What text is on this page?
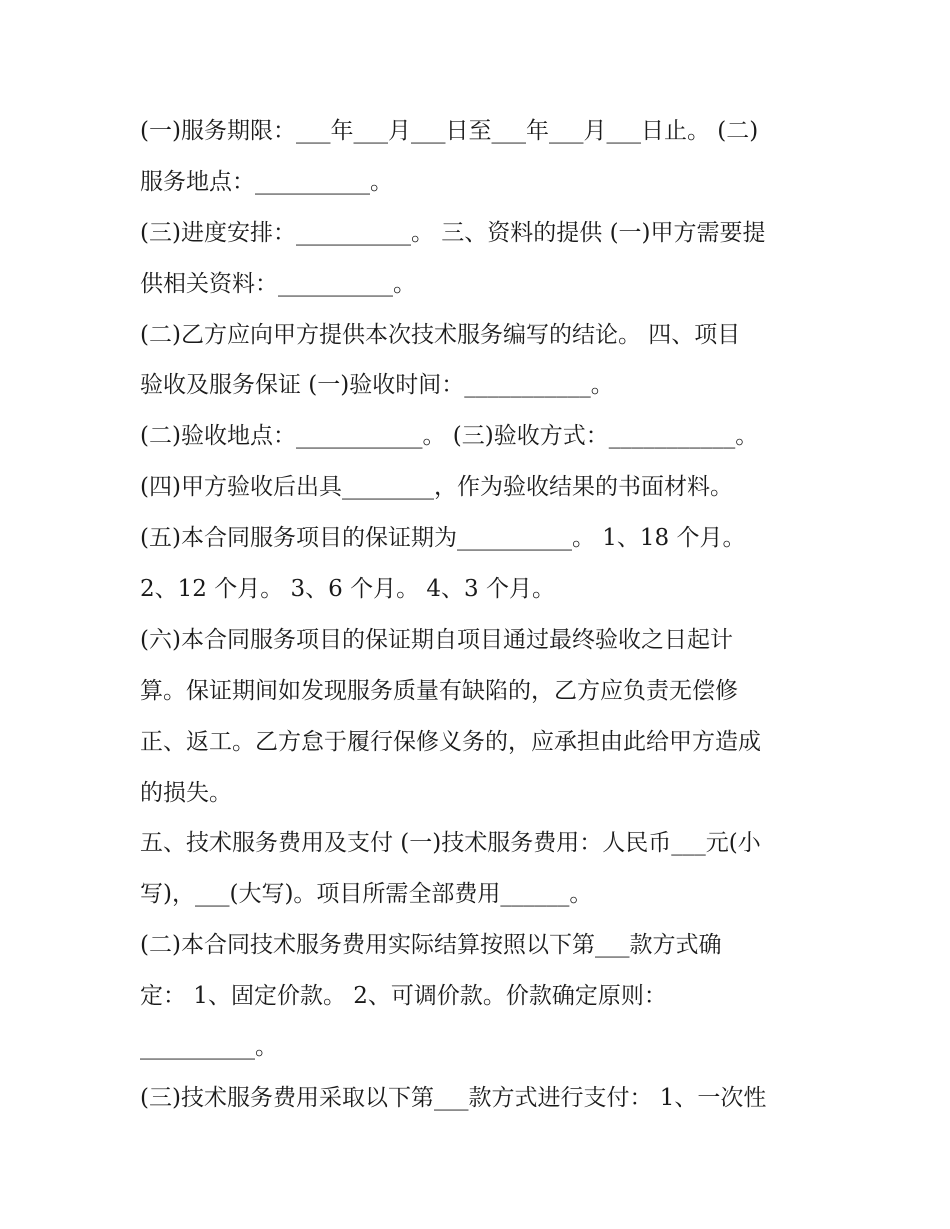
(一)服务期限：___年___月___日至___年___月___日止。 (二)

服务地点：__________。

(三)进度安排：__________。 三、资料的提供 (一)甲方需要提

供相关资料：__________。

(二)乙方应向甲方提供本次技术服务编写的结论。 四、项目

验收及服务保证 (一)验收时间：___________。

(二)验收地点：___________。 (三)验收方式：___________。

(四)甲方验收后出具________，作为验收结果的书面材料。

(五)本合同服务项目的保证期为__________。 1、18 个月。

2、12 个月。 3、6 个月。 4、3 个月。

(六)本合同服务项目的保证期自项目通过最终验收之日起计

算。保证期间如发现服务质量有缺陷的，乙方应负责无偿修

正、返工。乙方怠于履行保修义务的，应承担由此给甲方造成

的损失。

五、技术服务费用及支付 (一)技术服务费用：人民币___元(小

写)，___(大写)。项目所需全部费用______。

(二)本合同技术服务费用实际结算按照以下第___款方式确

定： 1、固定价款。 2、可调价款。价款确定原则：

__________。

(三)技术服务费用采取以下第___款方式进行支付： 1、一次性
